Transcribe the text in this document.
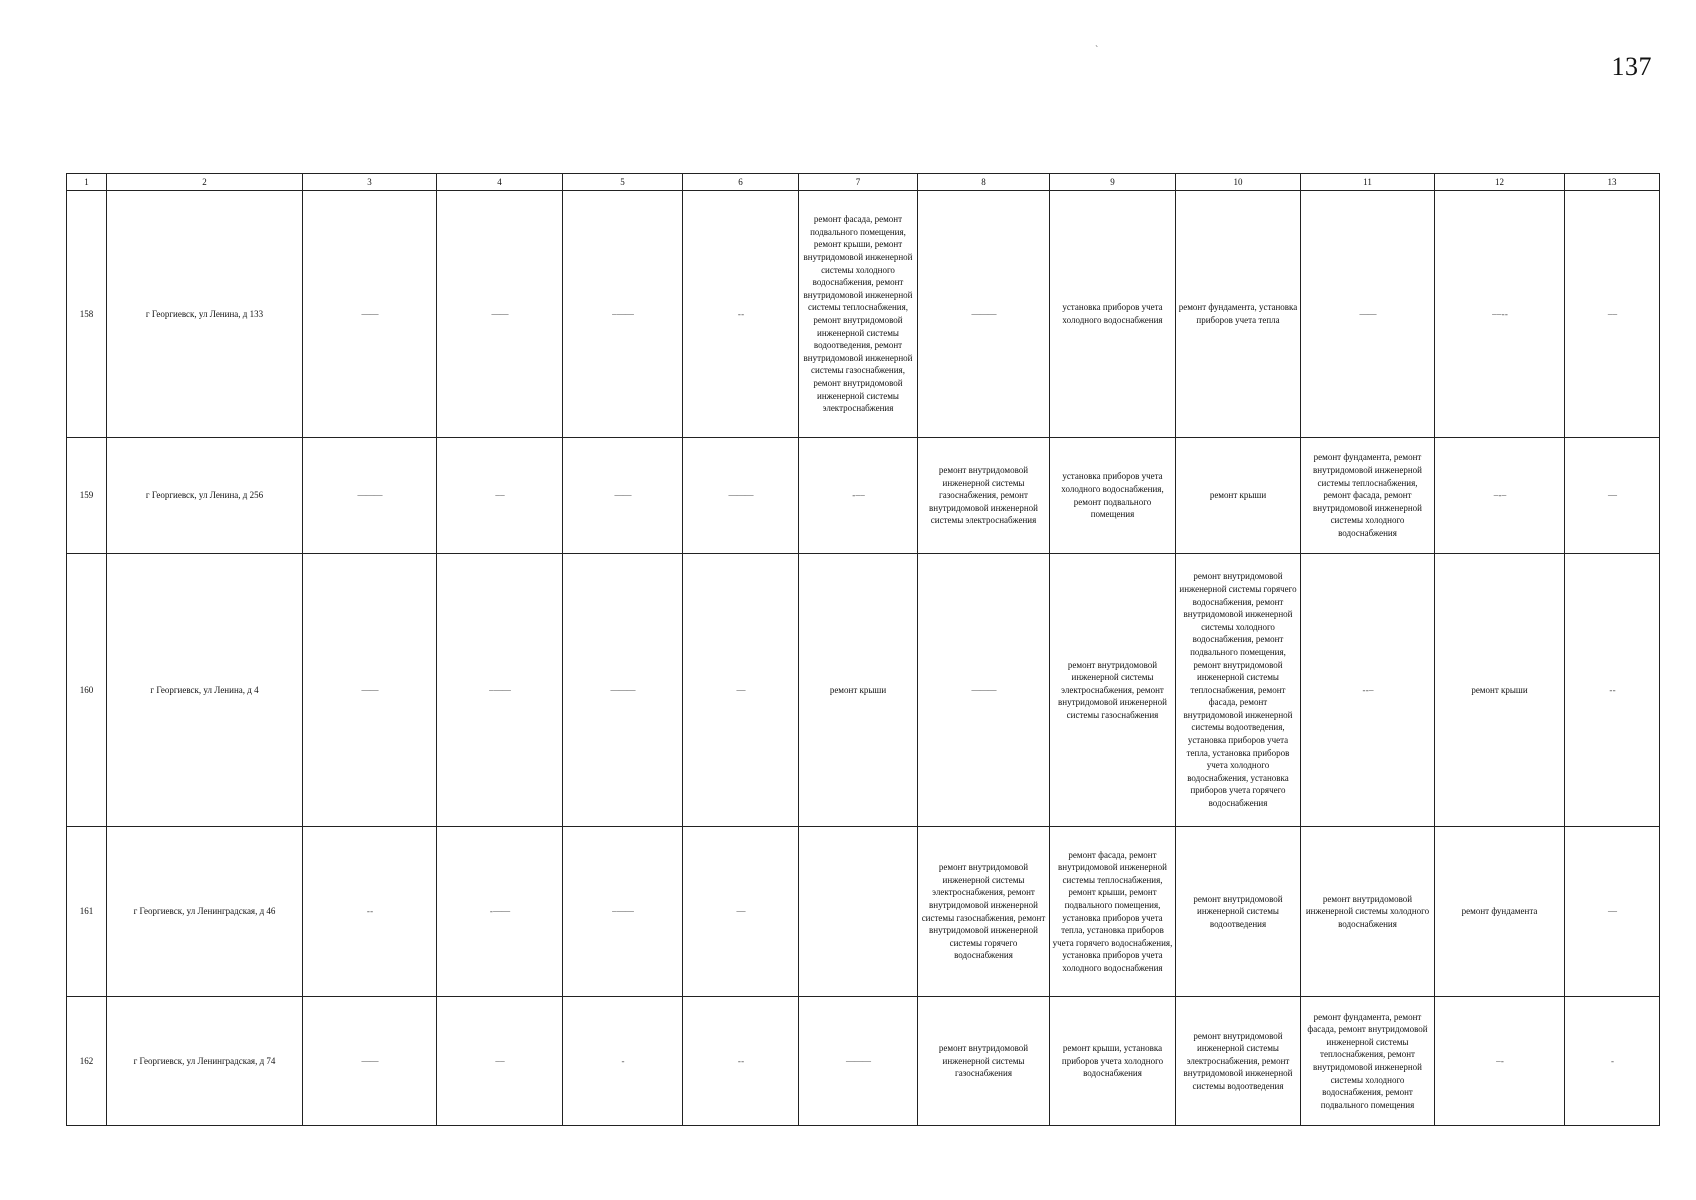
`
137
1	2	3	4	5	6	7	8	9	10	11	12	13
158	г Георгиевск, ул Ленина, д 133	——	——	– ——	- -	ремонт фасада, ремонт подвального помещения, ремонт крыши, ремонт внутридомовой инженерной системы холодного водоснабжения, ремонт внутридомовой инженерной системы теплоснабжения, ремонт внутридомовой инженерной системы водоотведения, ремонт внутридомовой инженерной системы газоснабжения, ремонт внутридомовой инженерной системы электроснабжения	———	установка приборов учета холодного водоснабжения	ремонт фундамента, установка приборов учета тепла	——	– – - -	– –
159	г Георгиевск, ул Ленина, д 256	———	– –	——	———	- – –	ремонт внутридомовой инженерной системы газоснабжения, ремонт внутридомовой инженерной системы электроснабжения	установка приборов учета холодного водоснабжения, ремонт подвального помещения	ремонт крыши	ремонт фундамента, ремонт внутридомовой инженерной системы теплоснабжения, ремонт фасада, ремонт внутридомовой инженерной системы холодного водоснабжения	– - –	—
160	г Георгиевск, ул Ленина, д 4	——	– ——	———	—	ремонт крыши	———	ремонт внутридомовой инженерной системы электроснабжения, ремонт внутридомовой инженерной системы газоснабжения	ремонт внутридомовой инженерной системы горячего водоснабжения, ремонт внутридомовой инженерной системы холодного водоснабжения, ремонт подвального помещения, ремонт внутридомовой инженерной системы теплоснабжения, ремонт фасада, ремонт внутридомовой инженерной системы водоотведения, установка приборов учета тепла, установка приборов учета холодного водоснабжения, установка приборов учета горячего водоснабжения	- - –	ремонт крыши	- -
161	г Георгиевск, ул Ленинградская, д 46	- -	- ——	– ——	—		ремонт внутридомовой инженерной системы электроснабжения, ремонт внутридомовой инженерной системы газоснабжения, ремонт внутридомовой инженерной системы горячего водоснабжения	ремонт фасада, ремонт внутридомовой инженерной системы теплоснабжения, ремонт крыши, ремонт подвального помещения, установка приборов учета тепла, установка приборов учета горячего водоснабжения, установка приборов учета холодного водоснабжения	ремонт внутридомовой инженерной системы водоотведения	ремонт внутридомовой инженерной системы холодного водоснабжения	ремонт фундамента	—
162	г Георгиевск, ул Ленинградская, д 74	——	– –	-	- -	———	ремонт внутридомовой инженерной системы газоснабжения	ремонт крыши, установка приборов учета холодного водоснабжения	ремонт внутридомовой инженерной системы электроснабжения, ремонт внутридомовой инженерной системы водоотведения	ремонт фундамента, ремонт фасада, ремонт внутридомовой инженерной системы теплоснабжения, ремонт внутридомовой инженерной системы холодного водоснабжения, ремонт подвального помещения	– -	-
